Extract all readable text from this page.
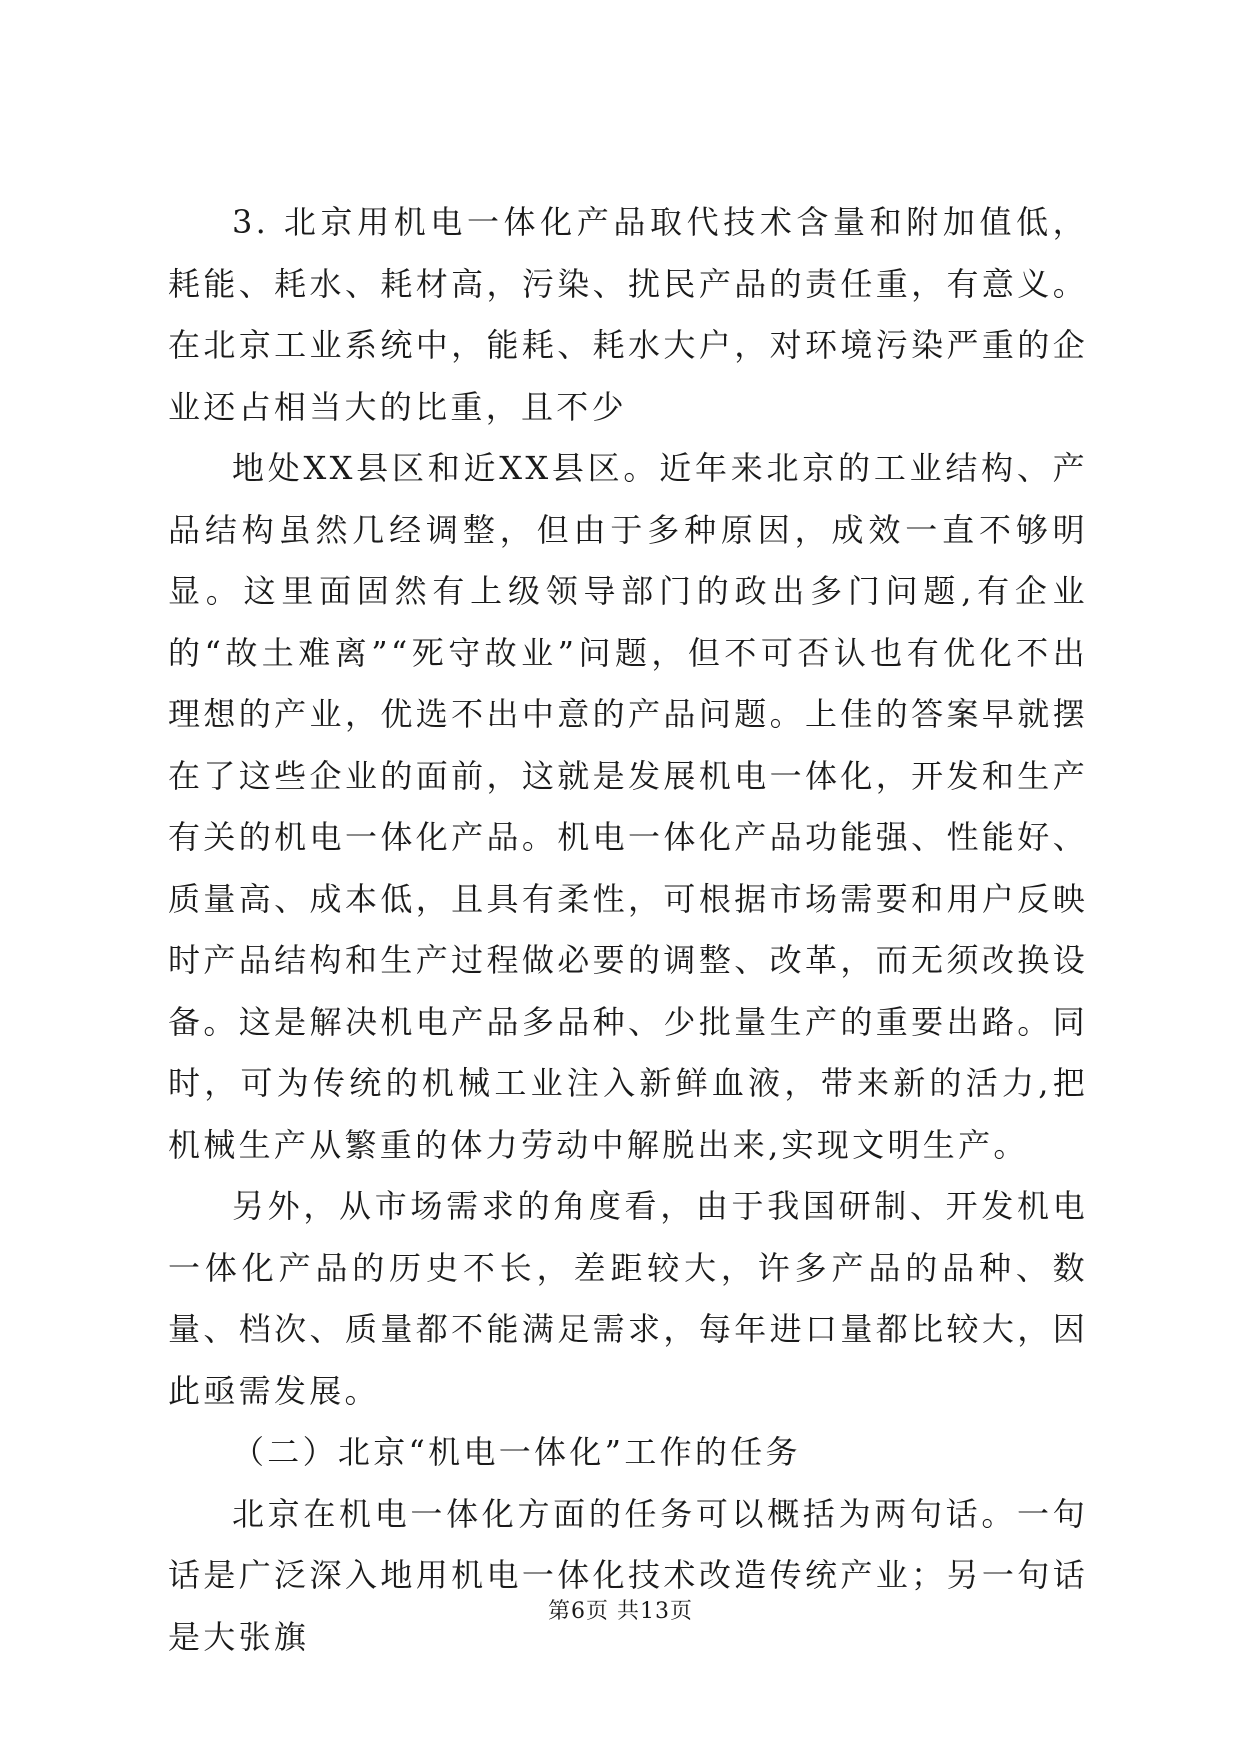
3. 北京用机电一体化产品取代技术含量和附加值低，耗能、耗水、耗材高，污染、扰民产品的责任重，有意义。在北京工业系统中，能耗、耗水大户，对环境污染严重的企业还占相当大的比重，且不少

地处XX县区和近XX县区。近年来北京的工业结构、产品结构虽然几经调整，但由于多种原因，成效一直不够明显。这里面固然有上级领导部门的政出多门问题,有企业的“故土难离”“死守故业”问题，但不可否认也有优化不出理想的产业，优选不出中意的产品问题。上佳的答案早就摆在了这些企业的面前，这就是发展机电一体化，开发和生产有关的机电一体化产品。机电一体化产品功能强、性能好、质量高、成本低，且具有柔性，可根据市场需要和用户反映时产品结构和生产过程做必要的调整、改革，而无须改换设备。这是解决机电产品多品种、少批量生产的重要出路。同时，可为传统的机械工业注入新鲜血液，带来新的活力,把机械生产从繁重的体力劳动中解脱出来,实现文明生产。

另外，从市场需求的角度看，由于我国研制、开发机电一体化产品的历史不长，差距较大，许多产品的品种、数量、档次、质量都不能满足需求，每年进口量都比较大，因此亟需发展。

（二）北京“机电一体化”工作的任务

北京在机电一体化方面的任务可以概括为两句话。一句话是广泛深入地用机电一体化技术改造传统产业；另一句话是大张旗

第6页 共13页
